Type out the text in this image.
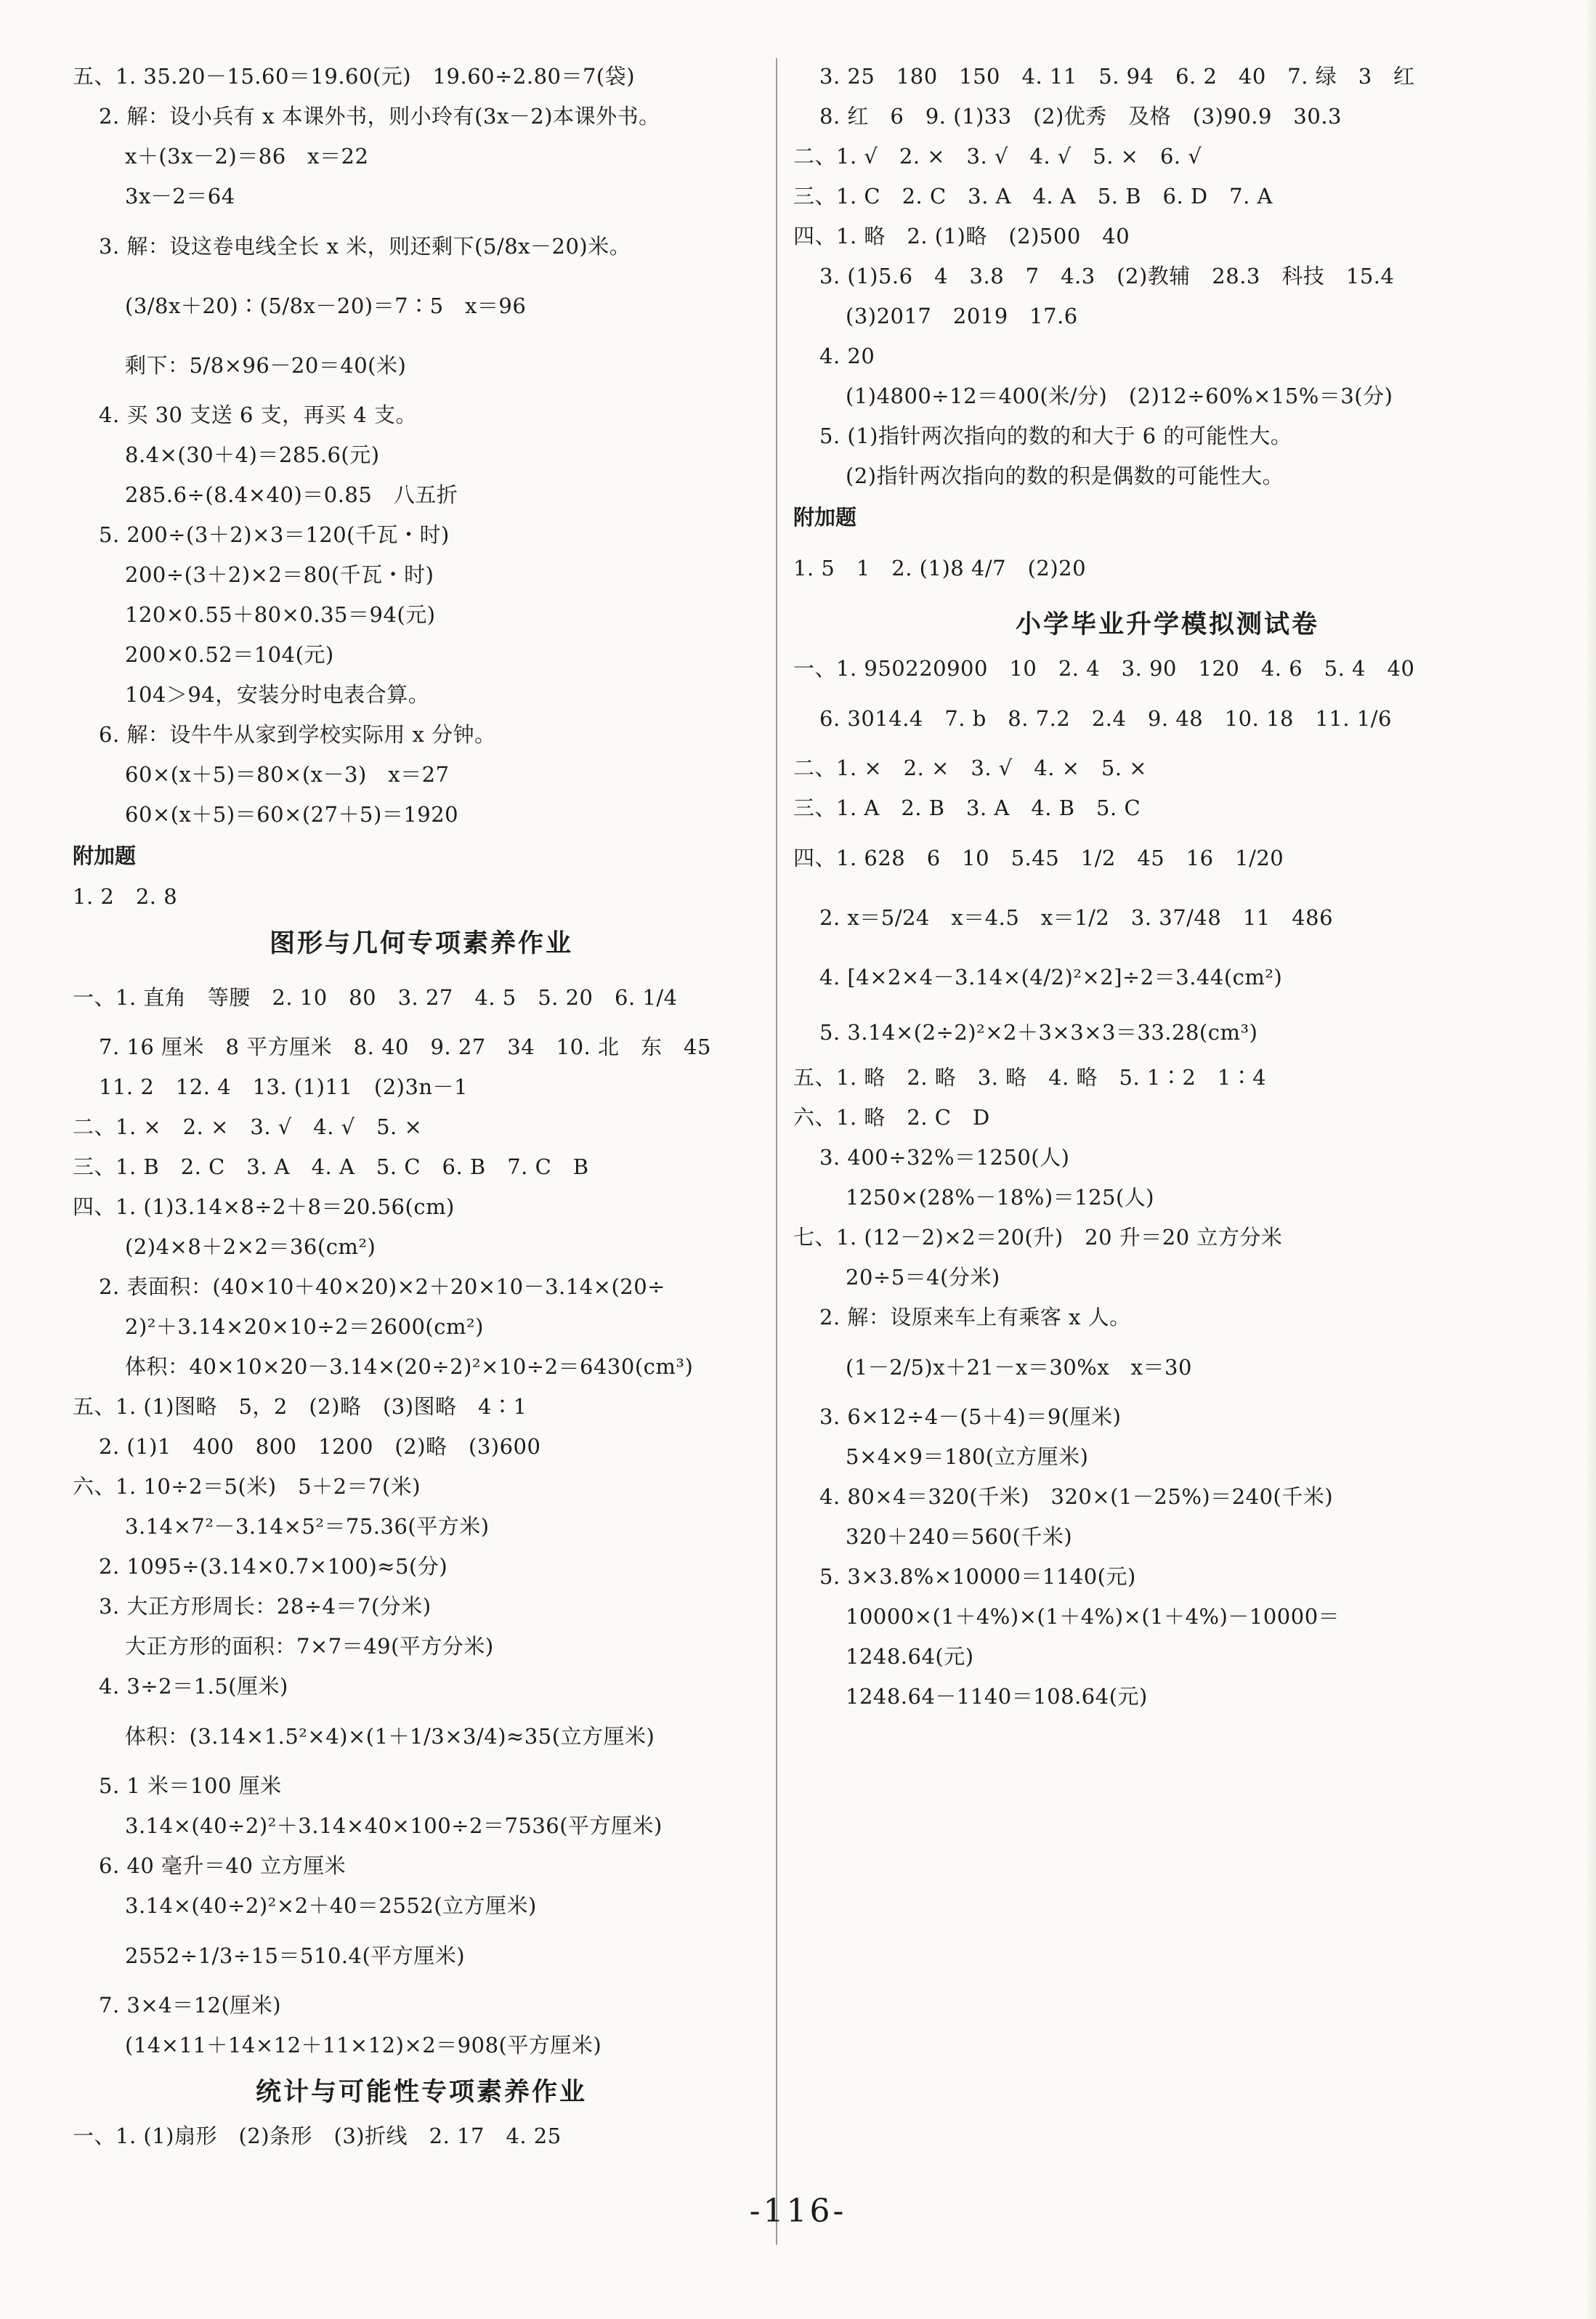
五、1. 35.20－15.60＝19.60(元)　19.60÷2.80＝7(袋)
2. 解：设小兵有 x 本课外书，则小玲有(3x－2)本课外书。
x＋(3x－2)＝86　x＝22
3x－2＝64
3. 解：设这卷电线全长 x 米，则还剩下(5/8x－20)米。
(3/8x＋20)∶(5/8x－20)＝7∶5　x＝96
剩下：5/8×96－20＝40(米)
4. 买 30 支送 6 支，再买 4 支。
8.4×(30＋4)＝285.6(元)
285.6÷(8.4×40)＝0.85　八五折
5. 200÷(3＋2)×3＝120(千瓦・时)
200÷(3＋2)×2＝80(千瓦・时)
120×0.55＋80×0.35＝94(元)
200×0.52＝104(元)
104＞94，安装分时电表合算。
6. 解：设牛牛从家到学校实际用 x 分钟。
60×(x＋5)＝80×(x－3)　x＝27
60×(x＋5)＝60×(27＋5)＝1920
附加题
1. 2　2. 8
图形与几何专项素养作业
一、1. 直角　等腰　2. 10　80　3. 27　4. 5　5. 20　6. 1/4
7. 16 厘米　8 平方厘米　8. 40　9. 27　34　10. 北　东　45
11. 2　12. 4　13. (1)11　(2)3n－1
二、1. ×　2. ×　3. √　4. √　5. ×
三、1. B　2. C　3. A　4. A　5. C　6. B　7. C　B
四、1. (1)3.14×8÷2＋8＝20.56(cm)
(2)4×8＋2×2＝36(cm²)
2. 表面积：(40×10＋40×20)×2＋20×10－3.14×(20÷
2)²＋3.14×20×10÷2＝2600(cm²)
体积：40×10×20－3.14×(20÷2)²×10÷2＝6430(cm³)
五、1. (1)图略　5，2　(2)略　(3)图略　4∶1
2. (1)1　400　800　1200　(2)略　(3)600
六、1. 10÷2＝5(米)　5＋2＝7(米)
3.14×7²－3.14×5²＝75.36(平方米)
2. 1095÷(3.14×0.7×100)≈5(分)
3. 大正方形周长：28÷4＝7(分米)
大正方形的面积：7×7＝49(平方分米)
4. 3÷2＝1.5(厘米)
体积：(3.14×1.5²×4)×(1＋1/3×3/4)≈35(立方厘米)
5. 1 米＝100 厘米
3.14×(40÷2)²＋3.14×40×100÷2＝7536(平方厘米)
6. 40 毫升＝40 立方厘米
3.14×(40÷2)²×2＋40＝2552(立方厘米)
2552÷1/3÷15＝510.4(平方厘米)
7. 3×4＝12(厘米)
(14×11＋14×12＋11×12)×2＝908(平方厘米)
统计与可能性专项素养作业
一、1. (1)扇形　(2)条形　(3)折线　2. 17　4. 25
3. 25　180　150　4. 11　5. 94　6. 2　40　7. 绿　3　红
8. 红　6　9. (1)33　(2)优秀　及格　(3)90.9　30.3
二、1. √　2. ×　3. √　4. √　5. ×　6. √
三、1. C　2. C　3. A　4. A　5. B　6. D　7. A
四、1. 略　2. (1)略　(2)500　40
3. (1)5.6　4　3.8　7　4.3　(2)教辅　28.3　科技　15.4
(3)2017　2019　17.6
4. 20
(1)4800÷12＝400(米/分)　(2)12÷60%×15%＝3(分)
5. (1)指针两次指向的数的和大于 6 的可能性大。
(2)指针两次指向的数的积是偶数的可能性大。
附加题
1. 5　1　2. (1)8 4/7　(2)20
小学毕业升学模拟测试卷
一、1. 950220900　10　2. 4　3. 90　120　4. 6　5. 4　40
6. 3014.4　7. b　8. 7.2　2.4　9. 48　10. 18　11. 1/6
二、1. ×　2. ×　3. √　4. ×　5. ×
三、1. A　2. B　3. A　4. B　5. C
四、1. 628　6　10　5.45　1/2　45　16　1/20
2. x＝5/24　x＝4.5　x＝1/2　3. 37/48　11　486
4. [4×2×4－3.14×(4/2)²×2]÷2＝3.44(cm²)
5. 3.14×(2÷2)²×2＋3×3×3＝33.28(cm³)
五、1. 略　2. 略　3. 略　4. 略　5. 1∶2　1∶4
六、1. 略　2. C　D
3. 400÷32%＝1250(人)
1250×(28%－18%)＝125(人)
七、1. (12－2)×2＝20(升)　20 升＝20 立方分米
20÷5＝4(分米)
2. 解：设原来车上有乘客 x 人。
(1－2/5)x＋21－x＝30%x　x＝30
3. 6×12÷4－(5＋4)＝9(厘米)
5×4×9＝180(立方厘米)
4. 80×4＝320(千米)　320×(1－25%)＝240(千米)
320＋240＝560(千米)
5. 3×3.8%×10000＝1140(元)
10000×(1＋4%)×(1＋4%)×(1＋4%)－10000＝
1248.64(元)
1248.64－1140＝108.64(元)
-116-
